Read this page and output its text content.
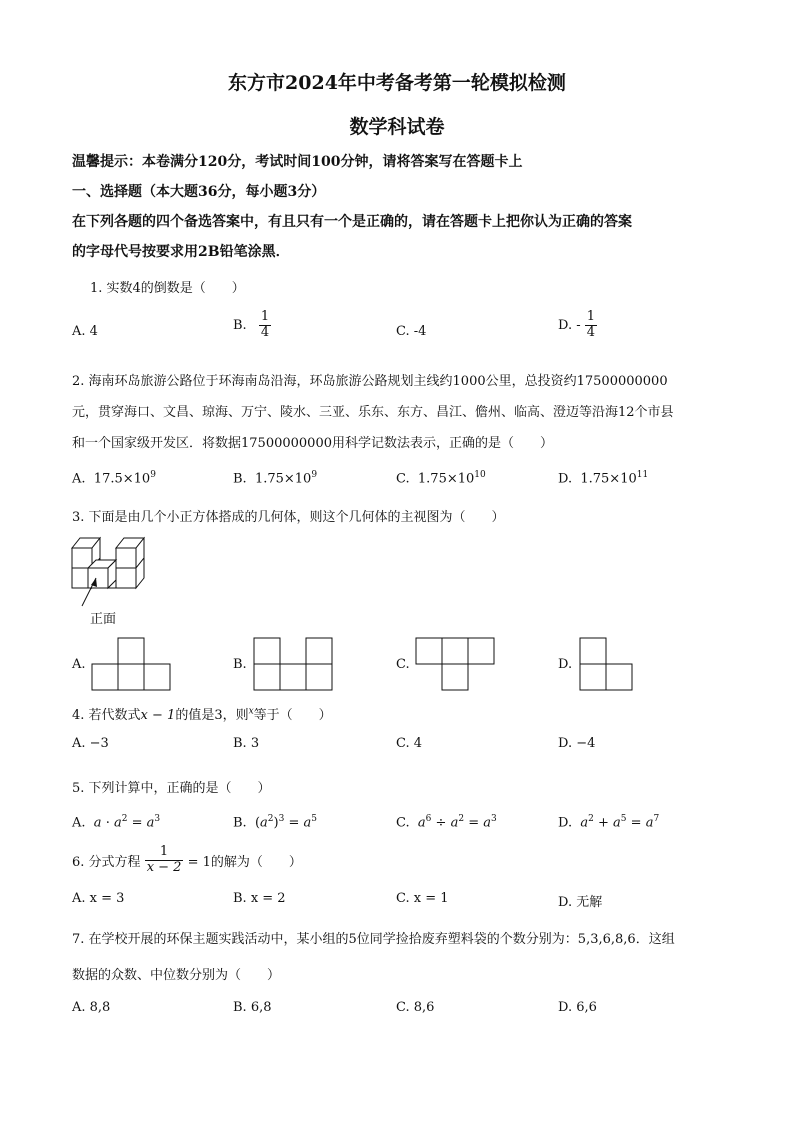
东方市2024年中考备考第一轮模拟检测
数学科试卷
温馨提示：本卷满分120分，考试时间100分钟，请将答案写在答题卡上
一、选择题（本大题36分，每小题3分）
在下列各题的四个备选答案中，有且只有一个是正确的，请在答题卡上把你认为正确的答案
的字母代号按要求用2B铅笔涂黑．
1. 实数4的倒数是（　　）
A. 4	B. $\frac{1}{4}$	C. -4	D. - $\frac{1}{4}$
2. 海南环岛旅游公路位于环海南岛沿海，环岛旅游公路规划主线约1000公里，总投资约17500000000
元，贯穿海口、文昌、琼海、万宁、陵水、三亚、乐东、东方、昌江、儋州、临高、澄迈等沿海12个市县
和一个国家级开发区．将数据17500000000用科学记数法表示，正确的是（　　）
A. $17.5\times 10^9$	B. $1.75\times 10^9$	C. $1.75\times 10^{10}$	D. $1.75\times 10^{11}$
3. 下面是由几个小正方体搭成的几何体，则这个几何体的主视图为（　　）
正面
A.	B.	C.	D.
4. 若代数式x − 1的值是3，则$^x$等于（　　）
A. −3	B. 3	C. 4	D. −4
5. 下列计算中，正确的是（　　）
A. $a \cdot a^2 = a^3$	B.  $(a^2)^3 = a^5$	C. $a^6 \div a^2 = a^3$	D. $a^2 + a^5 = a^7$
6. 分式方程 $\frac{1}{x - 2} = 1$的解为（　　）
A. x = 3	B. x = 2	C. x = 1	D. 无解
7. 在学校开展的环保主题实践活动中，某小组的5位同学捡拾废弃塑料袋的个数分别为：5,3,6,8,6．这组
数据的众数、中位数分别为（　　）
A. 8,8	B. 6,8	C. 8,6	D. 6,6
